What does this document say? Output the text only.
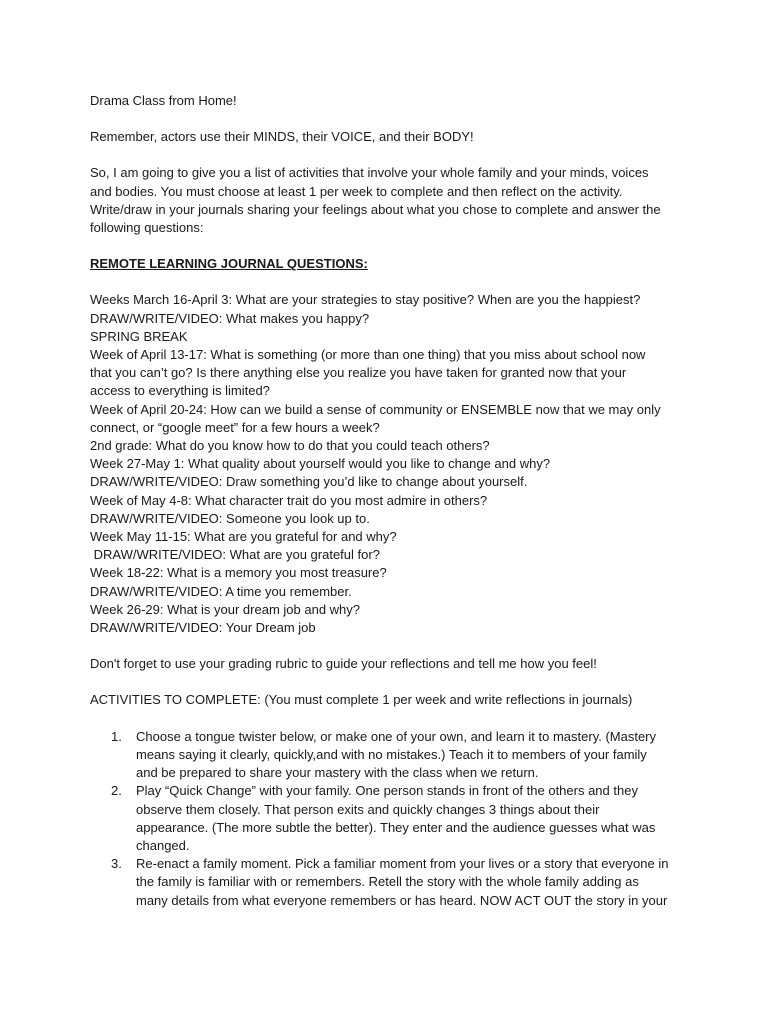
Drama Class from Home!
Remember, actors use their MINDS, their VOICE, and their BODY!
So, I am going to give you a list of activities that involve your whole family and your minds, voices
and bodies. You must choose at least 1 per week to complete and then reflect on the activity.
Write/draw in your journals sharing your feelings about what you chose to complete and answer the
following questions:
REMOTE LEARNING JOURNAL QUESTIONS:
Weeks March 16-April 3: What are your strategies to stay positive? When are you the happiest?
DRAW/WRITE/VIDEO: What makes you happy?
SPRING BREAK
Week of April 13-17: What is something (or more than one thing) that you miss about school now
that you can’t go? Is there anything else you realize you have taken for granted now that your
access to everything is limited?
Week of April 20-24: How can we build a sense of community or ENSEMBLE now that we may only
connect, or “google meet” for a few hours a week?
2nd grade: What do you know how to do that you could teach others?
Week 27-May 1: What quality about yourself would you like to change and why?
DRAW/WRITE/VIDEO: Draw something you’d like to change about yourself.
Week of May 4-8: What character trait do you most admire in others?
DRAW/WRITE/VIDEO: Someone you look up to.
Week May 11-15: What are you grateful for and why?
DRAW/WRITE/VIDEO: What are you grateful for?
Week 18-22: What is a memory you most treasure?
DRAW/WRITE/VIDEO: A time you remember.
Week 26-29: What is your dream job and why?
DRAW/WRITE/VIDEO: Your Dream job
Don't forget to use your grading rubric to guide your reflections and tell me how you feel!
ACTIVITIES TO COMPLETE: (You must complete 1 per week and write reflections in journals)
1. Choose a tongue twister below, or make one of your own, and learn it to mastery. (Mastery
means saying it clearly, quickly,and with no mistakes.) Teach it to members of your family
and be prepared to share your mastery with the class when we return.
2. Play “Quick Change” with your family. One person stands in front of the others and they
observe them closely. That person exits and quickly changes 3 things about their
appearance. (The more subtle the better). They enter and the audience guesses what was
changed.
3. Re-enact a family moment. Pick a familiar moment from your lives or a story that everyone in
the family is familiar with or remembers. Retell the story with the whole family adding as
many details from what everyone remembers or has heard. NOW ACT OUT the story in your
